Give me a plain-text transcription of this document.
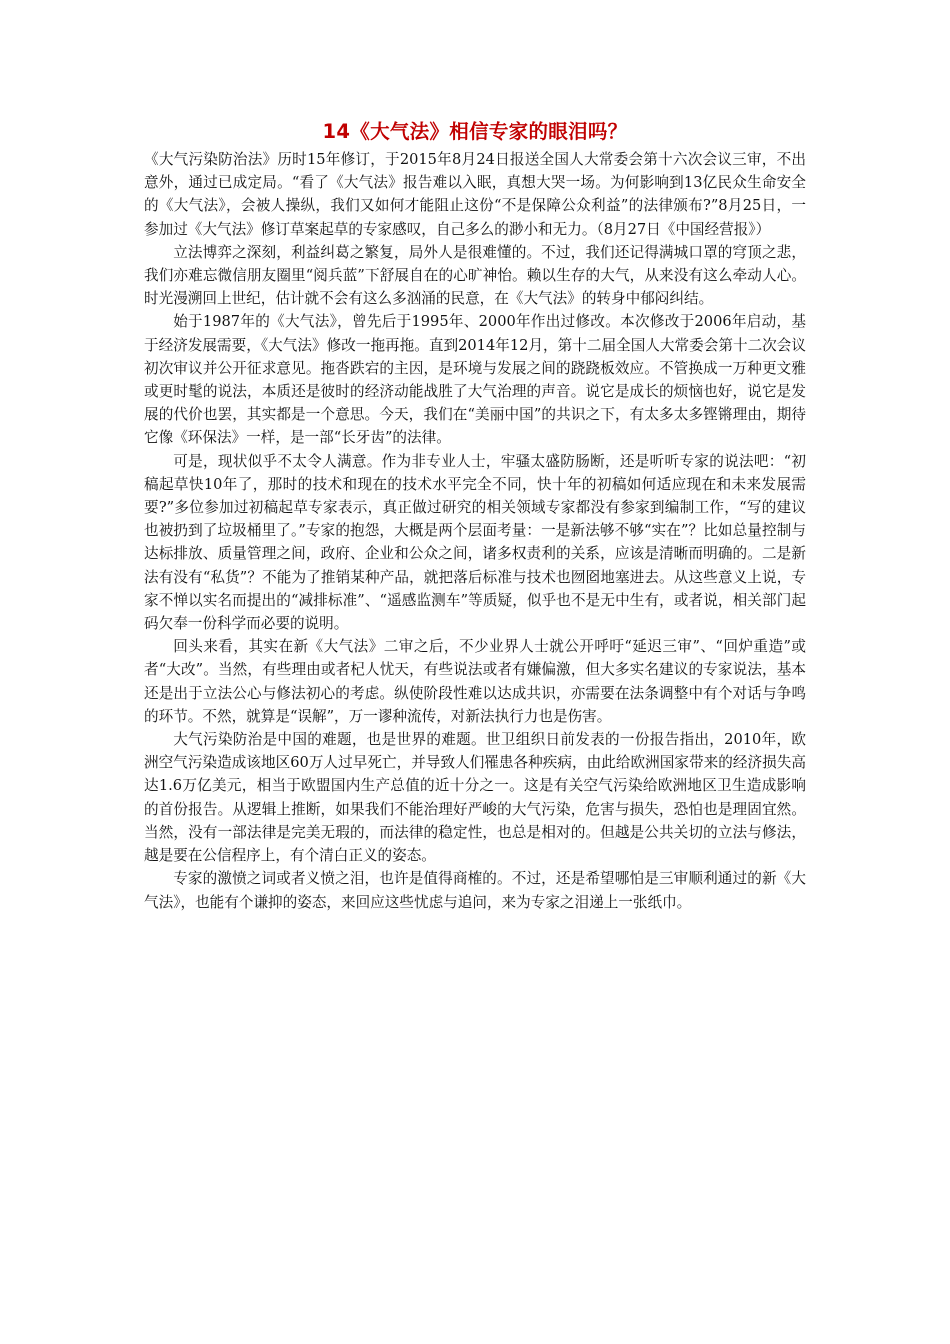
14《大气法》相信专家的眼泪吗？

《大气污染防治法》历时15年修订，于2015年8月24日报送全国人大常委会第十六次会议三审，不出意外，通过已成定局。“看了《大气法》报告难以入眠，真想大哭一场。为何影响到13亿民众生命安全的《大气法》，会被人操纵，我们又如何才能阻止这份“不是保障公众利益”的法律颁布?”8月25日，一参加过《大气法》修订草案起草的专家感叹，自己多么的渺小和无力。（8月27日《中国经营报》）

立法博弈之深刻，利益纠葛之繁复，局外人是很难懂的。不过，我们还记得满城口罩的穹顶之悲，我们亦难忘微信朋友圈里“阅兵蓝”下舒展自在的心旷神怡。赖以生存的大气，从来没有这么牵动人心。时光漫溯回上世纪，估计就不会有这么多汹涌的民意，在《大气法》的转身中郁闷纠结。

始于1987年的《大气法》，曾先后于1995年、2000年作出过修改。本次修改于2006年启动，基于经济发展需要，《大气法》修改一拖再拖。直到2014年12月，第十二届全国人大常委会第十二次会议初次审议并公开征求意见。拖沓跌宕的主因，是环境与发展之间的跷跷板效应。不管换成一万种更文雅或更时髦的说法，本质还是彼时的经济动能战胜了大气治理的声音。说它是成长的烦恼也好，说它是发展的代价也罢，其实都是一个意思。今天，我们在“美丽中国”的共识之下，有太多太多铿锵理由，期待它像《环保法》一样，是一部“长牙齿”的法律。

可是，现状似乎不太令人满意。作为非专业人士，牢骚太盛防肠断，还是听听专家的说法吧：“初稿起草快10年了，那时的技术和现在的技术水平完全不同，快十年的初稿如何适应现在和未来发展需要?”多位参加过初稿起草专家表示，真正做过研究的相关领域专家都没有参家到编制工作，“写的建议也被扔到了垃圾桶里了。”专家的抱怨，大概是两个层面考量：一是新法够不够“实在”？比如总量控制与达标排放、质量管理之间，政府、企业和公众之间，诸多权责利的关系，应该是清晰而明确的。二是新法有没有“私货”？不能为了推销某种产品，就把落后标准与技术也囫囵地塞进去。从这些意义上说，专家不惮以实名而提出的“减排标准”、“遥感监测车”等质疑，似乎也不是无中生有，或者说，相关部门起码欠奉一份科学而必要的说明。

回头来看，其实在新《大气法》二审之后，不少业界人士就公开呼吁“延迟三审”、“回炉重造”或者“大改”。当然，有些理由或者杞人忧天，有些说法或者有嫌偏激，但大多实名建议的专家说法，基本还是出于立法公心与修法初心的考虑。纵使阶段性难以达成共识，亦需要在法条调整中有个对话与争鸣的环节。不然，就算是“误解”，万一谬种流传，对新法执行力也是伤害。

大气污染防治是中国的难题，也是世界的难题。世卫组织日前发表的一份报告指出，2010年，欧洲空气污染造成该地区60万人过早死亡，并导致人们罹患各种疾病，由此给欧洲国家带来的经济损失高达1.6万亿美元，相当于欧盟国内生产总值的近十分之一。这是有关空气污染给欧洲地区卫生造成影响的首份报告。从逻辑上推断，如果我们不能治理好严峻的大气污染，危害与损失，恐怕也是理固宜然。当然，没有一部法律是完美无瑕的，而法律的稳定性，也总是相对的。但越是公共关切的立法与修法，越是要在公信程序上，有个清白正义的姿态。

专家的激愤之词或者义愤之泪，也许是值得商榷的。不过，还是希望哪怕是三审顺利通过的新《大气法》，也能有个谦抑的姿态，来回应这些忧虑与追问，来为专家之泪递上一张纸巾。
